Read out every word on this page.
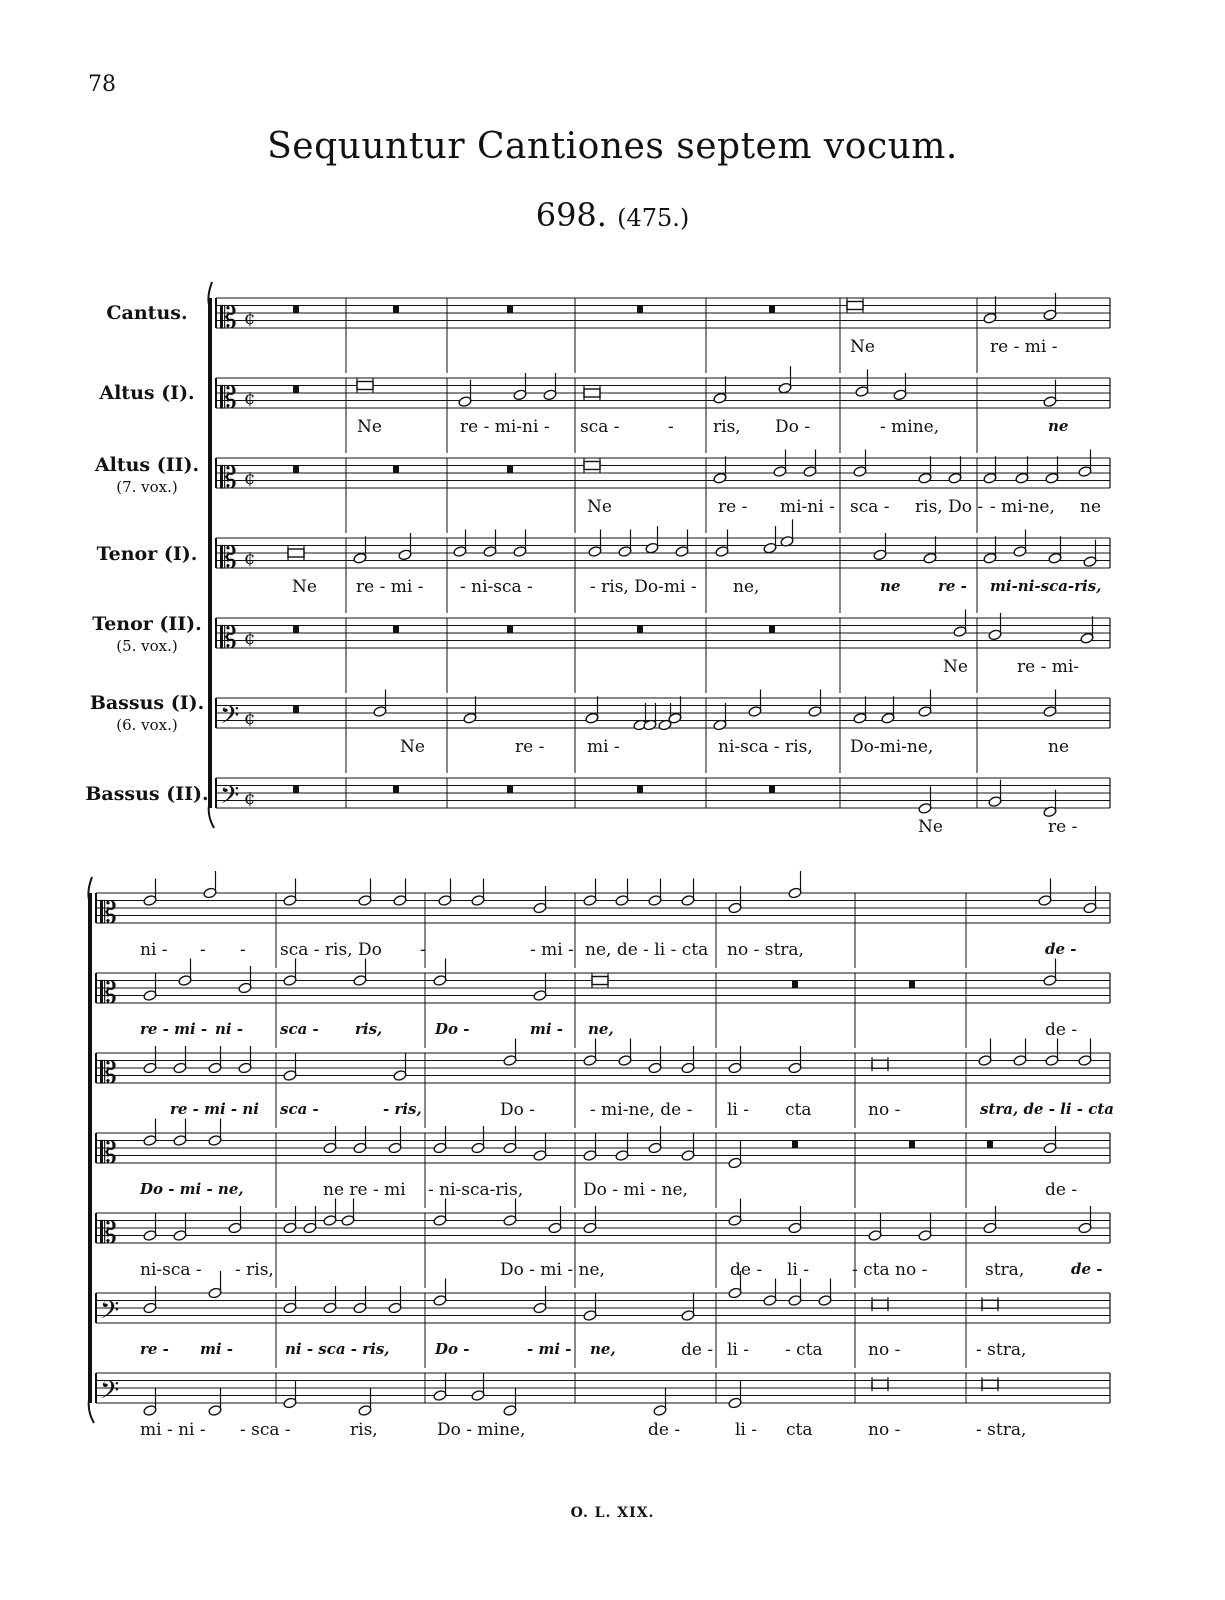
78
Sequuntur Cantiones septem vocum.
698. (475.)
Cantus.
Altus (I).
Altus (II).
(7. vox.)
Tenor (I).
Tenor (II).
(5. vox.)
Bassus (I).
(6. vox.)
Bassus (II).
𝄡 ¢
𝄡 ¢
𝄡 ¢
𝄡 ¢
𝄡 ¢
𝄢 ¢
𝄢 ¢
𝄡
𝄡
𝄡
𝄡
𝄡
𝄢
𝄢
Ne	re - mi -
Ne	re - mi-ni - sca -	- ris, Do -	- mine,	ne
Ne	re - mi-ni - sca - ris, Do - - mi-ne, ne
Ne re - mi - - ni-sca -	- ris, Do-mi - ne,	ne	re - mi-ni-sca-ris,
Ne	re - mi-
Ne	re -	mi -	ni-sca - ris, Do-mi-ne,	ne
Ne	re -
ni - - - sca - ris, Do -	- mi - ne, de - li - cta no - stra,	de -
re - mi - ni - sca - ris,	Do -	mi - ne,	de -
re - mi - ni sca -	- ris,	Do -	- mi-ne, de - li - cta	no -	stra, de - li - cta
Do - mi - ne,	ne re - mi - ni-sca-ris,	Do - mi - ne,	de -
ni-sca - - ris,	Do - mi - ne,	de - li -	- cta no -	stra,	de -
re - mi -	ni - sca - ris,	Do -	- mi - ne,	de - li - - cta	no -	- stra,
mi - ni - - sca -	ris,	Do - mine,	de -	li - cta	no -	- stra,
O. L. XIX.
